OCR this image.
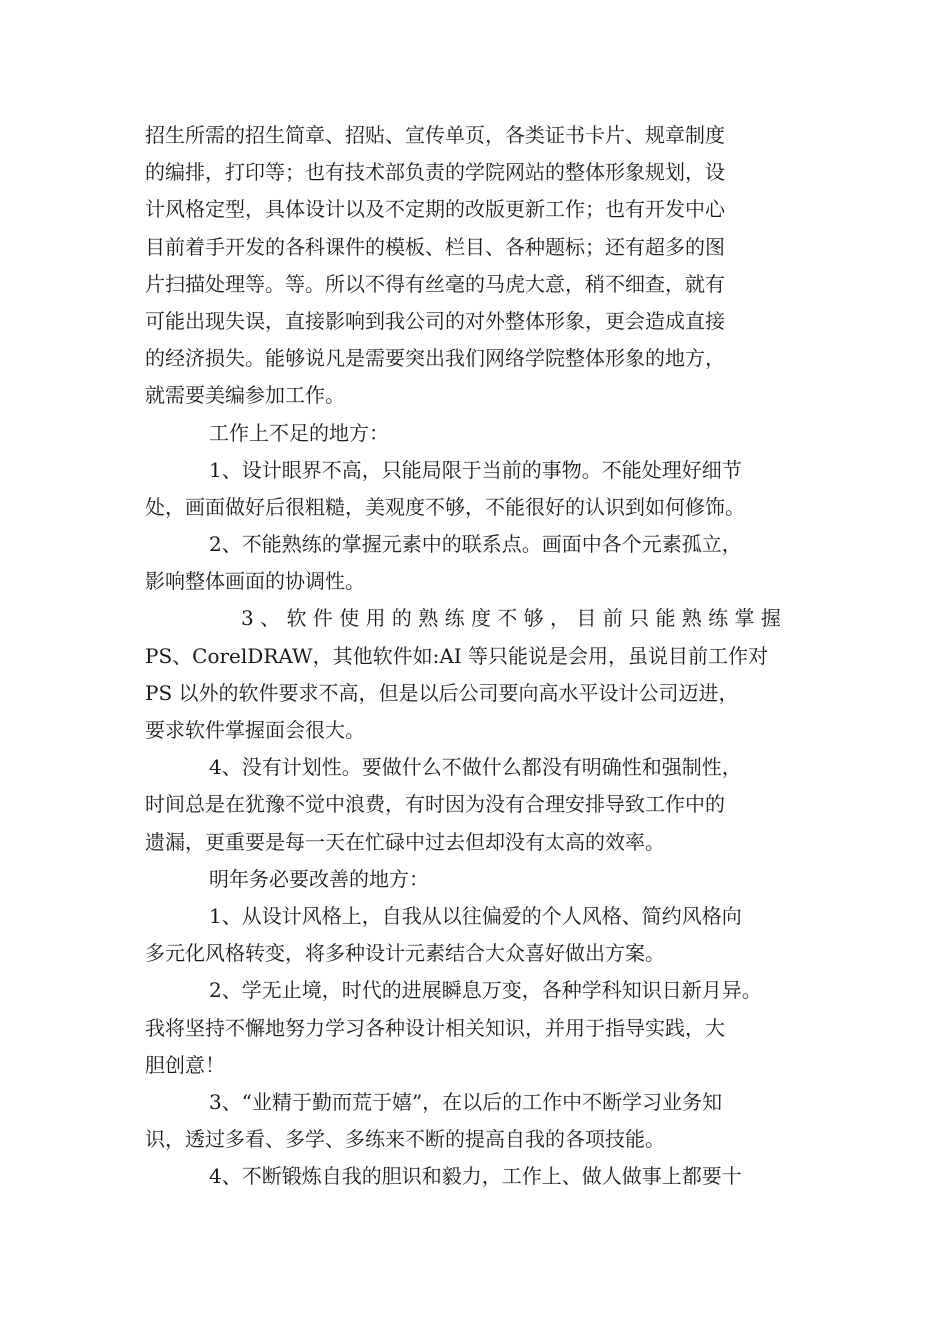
招生所需的招生简章、招贴、宣传单页，各类证书卡片、规章制度
的编排，打印等；也有技术部负责的学院网站的整体形象规划，设
计风格定型，具体设计以及不定期的改版更新工作；也有开发中心
目前着手开发的各科课件的模板、栏目、各种题标；还有超多的图
片扫描处理等。等。所以不得有丝毫的马虎大意，稍不细查，就有
可能出现失误，直接影响到我公司的对外整体形象，更会造成直接
的经济损失。能够说凡是需要突出我们网络学院整体形象的地方，
就需要美编参加工作。
工作上不足的地方：
1、设计眼界不高，只能局限于当前的事物。不能处理好细节
处，画面做好后很粗糙，美观度不够，不能很好的认识到如何修饰。
2、不能熟练的掌握元素中的联系点。画面中各个元素孤立，
影响整体画面的协调性。
3 、 软 件 使 用 的 熟 练 度 不 够 ， 目 前 只 能 熟 练 掌 握
PS、CorelDRAW，其他软件如:AI 等只能说是会用，虽说目前工作对
PS 以外的软件要求不高，但是以后公司要向高水平设计公司迈进，
要求软件掌握面会很大。
4、没有计划性。要做什么不做什么都没有明确性和强制性，
时间总是在犹豫不觉中浪费，有时因为没有合理安排导致工作中的
遗漏，更重要是每一天在忙碌中过去但却没有太高的效率。
明年务必要改善的地方：
1、从设计风格上，自我从以往偏爱的个人风格、简约风格向
多元化风格转变，将多种设计元素结合大众喜好做出方案。
2、学无止境，时代的进展瞬息万变，各种学科知识日新月异。
我将坚持不懈地努力学习各种设计相关知识，并用于指导实践，大
胆创意！
3、“业精于勤而荒于嬉”，在以后的工作中不断学习业务知
识，透过多看、多学、多练来不断的提高自我的各项技能。
4、不断锻炼自我的胆识和毅力，工作上、做人做事上都要十
